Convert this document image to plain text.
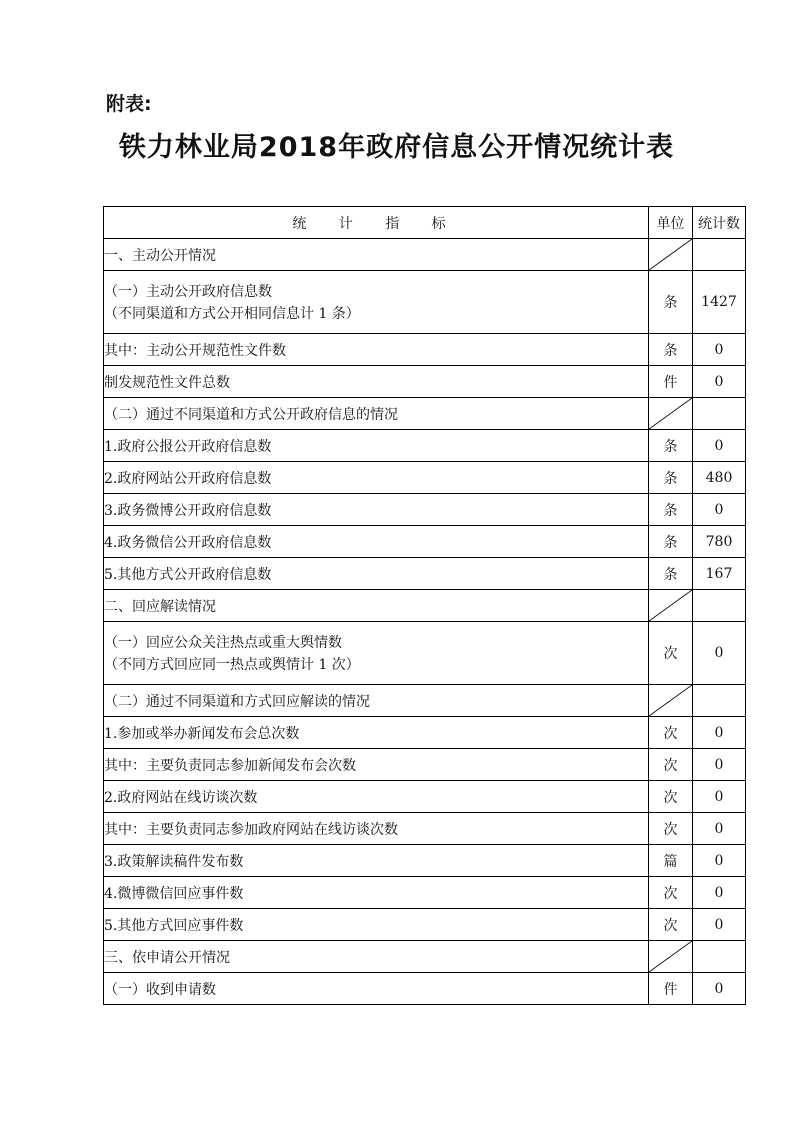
附表:
铁力林业局2018年政府信息公开情况统计表
统 计 指 标	单位	统计数
一、主动公开情况	

（一）主动公开政府信息数
（不同渠道和方式公开相同信息计 1 条）	条	1427
其中：主动公开规范性文件数	条	0
制发规范性文件总数	件	0
（二）通过不同渠道和方式公开政府信息的情况	

1.政府公报公开政府信息数	条	0
2.政府网站公开政府信息数	条	480
3.政务微博公开政府信息数	条	0
4.政务微信公开政府信息数	条	780
5.其他方式公开政府信息数	条	167
二、回应解读情况	

（一）回应公众关注热点或重大舆情数
（不同方式回应同一热点或舆情计 1 次）	次	0
（二）通过不同渠道和方式回应解读的情况	

1.参加或举办新闻发布会总次数	次	0
其中：主要负责同志参加新闻发布会次数	次	0
2.政府网站在线访谈次数	次	0
其中：主要负责同志参加政府网站在线访谈次数	次	0
3.政策解读稿件发布数	篇	0
4.微博微信回应事件数	次	0
5.其他方式回应事件数	次	0
三、依申请公开情况	

（一）收到申请数	件	0
